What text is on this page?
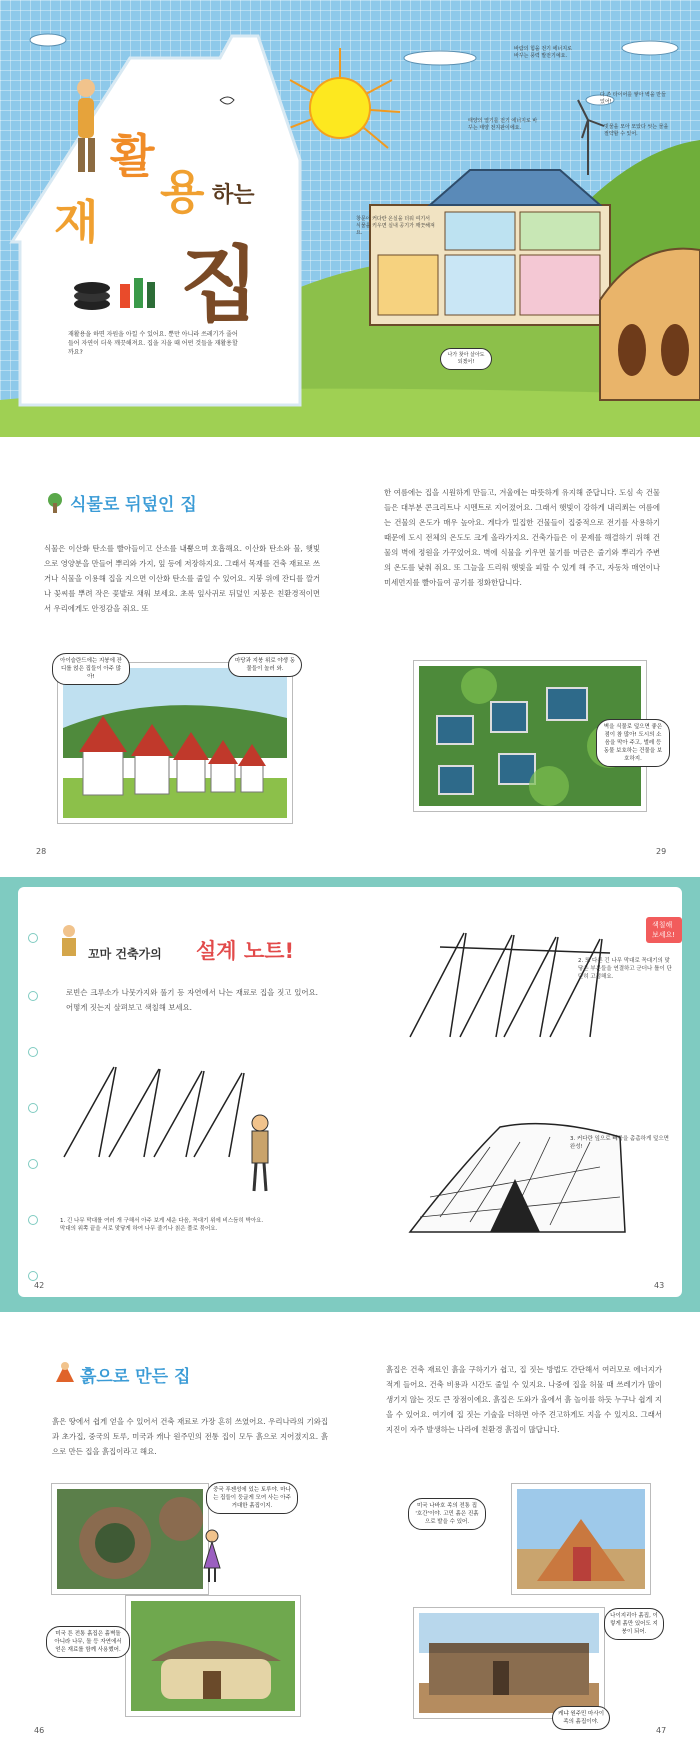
재
활
용 하는
집
재활용을 하면 자원을 아낄 수 있어요. 뿐만 아니라 쓰레기가 줄어들어 자연이 더욱 깨끗해져요. 집을 지을 때 어떤 것들을 재활용할까요?
바람의 힘을 전기 에너지로 바꾸는 풍력 발전기예요.
다 쓴 타이어를 쌓아 벽을 만들었어!
태양의 열기를 전기 에너지로 바꾸는 태양 전지판이에요.	빗물을 모아 모았다 씻는 물을 절약할 수 있어.
창문이 커다란 온실을 더워 여기서 식물을 키우면 실내 공기가 깨끗해져요.
나가 찾아 살아도 되겠어!
식물로 뒤덮인 집
식물은 이산화 탄소를 빨아들이고 산소를 내뿜으며 호흡해요. 이산화 탄소와 물, 햇빛으로 영양분을 만들어 뿌리와 가지, 잎 등에 저장하지요. 그래서 목재를 건축 재료로 쓰거나 식물을 이용해 집을 지으면 이산화 탄소를 줄일 수 있어요. 지붕 위에 잔디를 깔거나 꽃씨를 뿌려 작은 꽃밭로 채워 보세요. 초록 잎사귀로 뒤덮인 지붕은 친환경적이면서 우리에게도 안정감을 줘요. 또
한 여름에는 집을 시원하게 만들고, 겨울에는 따뜻하게 유지해 준답니다. 도심 속 건물들은 대부분 콘크리트나 시멘트로 지어졌어요. 그래서 햇빛이 강하게 내리쬐는 여름에는 건물의 온도가 매우 높아요. 게다가 밀집한 건물들이 집중적으로 전기를 사용하기 때문에 도시 전체의 온도도 크게 올라가지요. 건축가들은 이 문제를 해결하기 위해 건물의 벽에 정원을 가꾸었어요. 벽에 식물을 키우면 물기를 머금은 줄기와 뿌리가 주변의 온도를 낮춰 줘요. 또 그늘을 드리워 햇빛을 피할 수 있게 해 주고, 자동차 매연이나 미세먼지를 빨아들여 공기를 정화한답니다.
아이슬란드에는 지붕에 잔디를 얹은 집들이 아주 많아!
마당과 지붕 위로 야생 동물들이 놀러 와.
벽을 식물로 덮으면 좋은 점이 참 많아! 도시의 소음을 막아 주고, 벌레 등 동물 보호하는 건물을 보호하지.
28	29
색칠해 보세요!
꼬마 건축가의 설계 노트!
로빈슨 크루소가 나뭇가지와 풀기 등 자연에서 나는 재료로 집을 짓고 있어요. 어떻게 짓는지 살펴보고 색칠해 보세요.
1. 긴 나무 막대를 여러 개 구해서 아주 보게 세운 다음, 꼭대기 위에 비스듬히 박아요. 막대의 위쪽 끝을 서로 맞닿게 하여 나무 줄기나 칡은 풀로 묶어요.
2. 또 다른 긴 나무 막대로 꼭대기의 맞닿은 부분들을 연결하고 군더나 틀이 단단히 고정해요.
3. 커다란 잎으로 빼곡을 촘촘하게 덮으면 완성!
42	43
흙으로 만든 집
흙은 땅에서 쉽게 얻을 수 있어서 건축 재료로 가장 흔히 쓰였어요. 우리나라의 기와집과 초가집, 중국의 토루, 미국과 캐나 원주민의 전통 집이 모두 흙으로 지어졌지요. 흙으로 만든 집을 흙집이라고 해요.
흙집은 건축 재료인 흙을 구하기가 쉽고, 집 짓는 방법도 간단해서 여러모로 에너지가 적게 들어요. 건축 비용과 시간도 줄일 수 있지요. 나중에 집을 허물 때 쓰레기가 많이 생기지 않는 것도 큰 장점이에요. 흙집은 도와가 올에서 흙 놀이를 하듯 누구나 쉽게 지을 수 있어요. 여기에 집 짓는 기술을 더하면 아주 견고하게도 지을 수 있지요. 그래서 지진이 자주 발생하는 나라에 친환경 흙집이 많답니다.
중국 푸젠성에 있는 토루야. 마나는 집들이 둥글게 모여 사는 아주 거대한 흙집이지.
미국 튼 전통 흙집은 흙벽돌 아니라 나무, 돌 등 자연에서 얻은 재료를 함께 사용했어.
미국 나바호 족의 전통 집 '호간'이야. 고민 흙은 진흙으로 발을 수 있어.
나이지리아 흙집, 이렇게 흙만 있어도 지붕이 되어.
케냐 원주민 마사이 족의 흙집이야.
46	47
